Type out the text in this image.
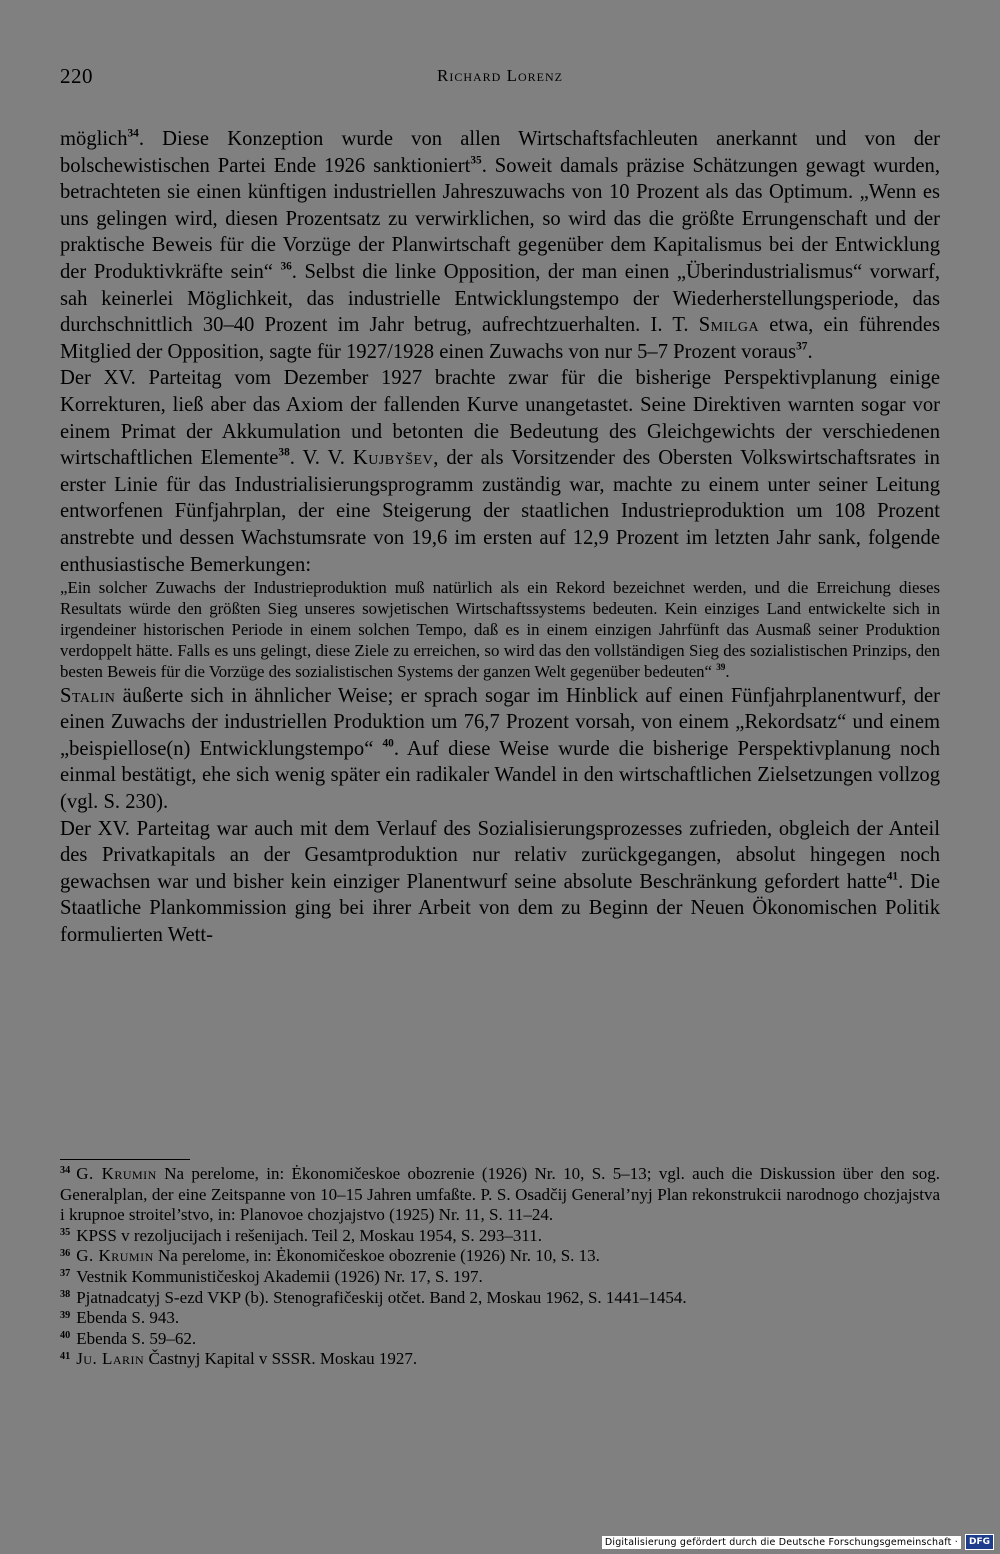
220	Richard Lorenz

möglich$^{34}$. Diese Konzeption wurde von allen Wirtschaftsfachleuten anerkannt und von der bolschewistischen Partei Ende 1926 sanktioniert$^{35}$. Soweit damals präzise Schätzungen gewagt wurden, betrachteten sie einen künftigen industriellen Jahreszuwachs von 10 Prozent als das Optimum. „Wenn es uns gelingen wird, diesen Prozentsatz zu verwirklichen, so wird das die größte Errungenschaft und der praktische Beweis für die Vorzüge der Planwirtschaft gegenüber dem Kapitalismus bei der Entwicklung der Produktivkräfte sein“ $^{36}$. Selbst die linke Opposition, der man einen „Überindustrialismus“ vorwarf, sah keinerlei Möglichkeit, das industrielle Entwicklungstempo der Wiederherstellungsperiode, das durchschnittlich 30–40 Prozent im Jahr betrug, aufrechtzuerhalten. I. T. Smilga etwa, ein führendes Mitglied der Opposition, sagte für 1927/1928 einen Zuwachs von nur 5–7 Prozent voraus$^{37}$.

Der XV. Parteitag vom Dezember 1927 brachte zwar für die bisherige Perspektivplanung einige Korrekturen, ließ aber das Axiom der fallenden Kurve unangetastet. Seine Direktiven warnten sogar vor einem Primat der Akkumulation und betonten die Bedeutung des Gleichgewichts der verschiedenen wirtschaftlichen Elemente$^{38}$. V. V. Kujbyšev, der als Vorsitzender des Obersten Volkswirtschaftsrates in erster Linie für das Industrialisierungsprogramm zuständig war, machte zu einem unter seiner Leitung entworfenen Fünfjahrplan, der eine Steigerung der staatlichen Industrieproduktion um 108 Prozent anstrebte und dessen Wachstumsrate von 19,6 im ersten auf 12,9 Prozent im letzten Jahr sank, folgende enthusiastische Bemerkungen:

„Ein solcher Zuwachs der Industrieproduktion muß natürlich als ein Rekord bezeichnet werden, und die Erreichung dieses Resultats würde den größten Sieg unseres sowjetischen Wirtschaftssystems bedeuten. Kein einziges Land entwickelte sich in irgendeiner historischen Periode in einem solchen Tempo, daß es in einem einzigen Jahrfünft das Ausmaß seiner Produktion verdoppelt hätte. Falls es uns gelingt, diese Ziele zu erreichen, so wird das den vollständigen Sieg des sozialistischen Prinzips, den besten Beweis für die Vorzüge des sozialistischen Systems der ganzen Welt gegenüber bedeuten“ $^{39}$.

Stalin äußerte sich in ähnlicher Weise; er sprach sogar im Hinblick auf einen Fünfjahrplanentwurf, der einen Zuwachs der industriellen Produktion um 76,7 Prozent vorsah, von einem „Rekordsatz“ und einem „beispiellose(n) Entwicklungstempo“ $^{40}$. Auf diese Weise wurde die bisherige Perspektivplanung noch einmal bestätigt, ehe sich wenig später ein radikaler Wandel in den wirtschaftlichen Zielsetzungen vollzog (vgl. S. 230).

Der XV. Parteitag war auch mit dem Verlauf des Sozialisierungsprozesses zufrieden, obgleich der Anteil des Privatkapitals an der Gesamtproduktion nur relativ zurückgegangen, absolut hingegen noch gewachsen war und bisher kein einziger Planentwurf seine absolute Beschränkung gefordert hatte$^{41}$. Die Staatliche Plankommission ging bei ihrer Arbeit von dem zu Beginn der Neuen Ökonomischen Politik formulierten Wett-

$^{34}$ G. Krumin Na perelome, in: Ėkonomičeskoe obozrenie (1926) Nr. 10, S. 5–13; vgl. auch die Diskussion über den sog. Generalplan, der eine Zeitspanne von 10–15 Jahren umfaßte. P. S. Osadčij General’nyj Plan rekonstrukcii narodnogo chozjajstva i krupnoe stroitel’stvo, in: Planovoe chozjajstvo (1925) Nr. 11, S. 11–24.

$^{35}$ KPSS v rezoljucijach i rešenijach. Teil 2, Moskau 1954, S. 293–311.

$^{36}$ G. Krumin Na perelome, in: Ėkonomičeskoe obozrenie (1926) Nr. 10, S. 13.

$^{37}$ Vestnik Kommunističeskoj Akademii (1926) Nr. 17, S. 197.

$^{38}$ Pjatnadcatyj S-ezd VKP (b). Stenografičeskij otčet. Band 2, Moskau 1962, S. 1441–1454.

$^{39}$ Ebenda S. 943.

$^{40}$ Ebenda S. 59–62.

$^{41}$ Ju. Larin Častnyj Kapital v SSSR. Moskau 1927.

Digitalisierung gefördert durch die Deutsche Forschungsgemeinschaft ·	DFG
